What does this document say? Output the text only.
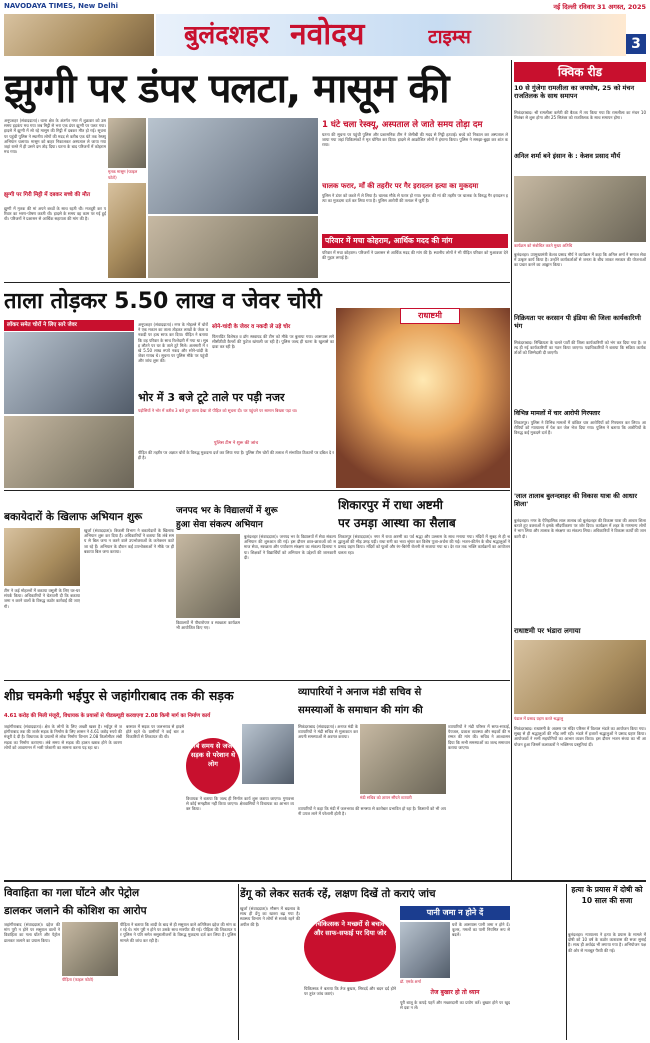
NAVODAYA TIMES, New Delhi	नई दिल्ली रविवार 31 अगस्त, 2025
बुलंदशहर नवोदय	टाइम्स	3
झुग्गी पर डंपर पलटा, मासूम की
अनूपशहर (संवाददाता)। थाना क्षेत्र के अंतर्गत नगर में शुक्रवार को उस समय हड़कंप मच गया जब मिट्टी से भरा एक डंपर झुग्गी पर पलट गया। हादसे में झुग्गी में सो रहे मासूम की मिट्टी में दबकर मौत हो गई। सूचना पर पहुंची पुलिस ने स्थानीय लोगों की मदद से करीब एक घंटे तक रेस्क्यू अभियान चलाया। मासूम को बाहर निकालकर अस्पताल ले जाया गया जहां रास्ते में ही उसने दम तोड़ दिया। घटना के बाद परिजनों में कोहराम मच गया।
झुग्गी पर गिरी मिट्टी में दबकर बच्चे की मौत
मृतक मासूम (फाइल फोटो)
झुग्गी में मृतक की मां अपने बच्चों के साथ रहती थी। मजदूरी कर परिवार का भरण-पोषण करती थी। हादसे के समय वह काम पर गई हुई थी। परिजनों ने प्रशासन से आर्थिक सहायता की मांग की है।
1 घंटे चला रेस्क्यू, अस्पताल ले जाते समय तोड़ा दम
घटना की सूचना पर पहुंची पुलिस और प्रशासनिक टीम ने जेसीबी की मदद से मिट्टी हटवाई। बच्चे को निकाल कर अस्पताल ले जाया गया जहां चिकित्सकों ने मृत घोषित कर दिया। हादसे से आक्रोशित लोगों ने हंगामा किया। पुलिस ने समझा-बुझा कर शांत कराया।
चालक फरार, माँ की तहरीर पर गैर इरादतन हत्या का मुकदमा
पुलिस ने डंपर को कब्जे में ले लिया है। चालक मौके से फरार हो गया। मृतक की मां की तहरीर पर चालक के विरुद्ध गैर इरादतन हत्या का मुकदमा दर्ज कर लिया गया है। पुलिस आरोपी की तलाश में जुटी है।
परिवार में मचा कोहराम, आर्थिक मदद की मांग
परिवार में मचा कोहराम। परिजनों ने प्रशासन से आर्थिक मदद की मांग की है। स्थानीय लोगों ने भी पीड़ित परिवार को मुआवजा देने की गुहार लगाई है।
ताला तोड़कर 5.50 लाख व जेवर चोरी
लॉकर समेत चोरों ने लिए सारे जेवर	अनूपशहर (संवाददाता)। नगर के मोहल्ले में चोरों ने एक मकान का ताला तोड़कर लाखों के जेवर व नकदी पर हाथ साफ कर दिया। पीड़ित ने बताया कि वह परिवार के साथ रिश्तेदारी में गया था। सुबह लौटने पर घर के ताले टूटे मिले। अलमारी में रखे 5.50 लाख रुपये नकद और सोने-चांदी के जेवर गायब थे। सूचना पर पुलिस मौके पर पहुंची और जांच शुरू की।
सोने-चांदी के जेवर व नकदी ले उड़े चोर
फिंगरप्रिंट विशेषज्ञ व डॉग स्क्वायड की टीम को मौके पर बुलाया गया। आसपास लगे सीसीटीवी कैमरों की फुटेज खंगाली जा रही है। पुलिस जल्द ही घटना के खुलासे का दावा कर रही है।
भोर में 3 बजे टूटे ताले पर पड़ी नजर
पड़ोसियों ने भोर में करीब 3 बजे टूटा ताला देखा तो पीड़ित को सूचना दी। घर पहुंचने पर सामान बिखरा पड़ा था।
पुलिस टीम ने शुरू की जांच
पीड़ित की तहरीर पर अज्ञात चोरों के विरुद्ध मुकदमा दर्ज कर लिया गया है। पुलिस टीम चोरों की तलाश में संभावित ठिकानों पर दबिश दे रही है।
राधाष्टमी
बकायेदारों के खिलाफ अभियान शुरू
खुर्जा (संवाददाता)। बिजली विभाग ने बकायेदारों के खिलाफ अभियान शुरू कर दिया है। अधिकारियों ने बताया कि लंबे समय से बिल जमा न करने वाले उपभोक्ताओं के कनेक्शन काटे जा रहे हैं। अभियान के दौरान कई उपभोक्ताओं ने मौके पर ही बकाया बिल जमा कराया।
टीम ने कई मोहल्लों में बकाया वसूली के लिए घर-घर संपर्क किया। अधिकारियों ने चेतावनी दी कि बकाया जमा न करने वालों के विरुद्ध कठोर कार्रवाई की जाएगी।
जनपद भर के विद्यालयों में शुरू
हुआ सेवा संकल्प अभियान
बुलंदशहर (संवाददाता)। जनपद भर के विद्यालयों में सेवा संकल्प अभियान की शुरुआत की गई। इस दौरान छात्र-छात्राओं को समाज सेवा, स्वच्छता और पर्यावरण संरक्षण का संकल्प दिलाया गया। शिक्षकों ने विद्यार्थियों को अभियान के उद्देश्यों की जानकारी दी।
विद्यालयों में पौधारोपण व स्वच्छता कार्यक्रम भी आयोजित किए गए।
शिकारपुर में राधा अष्टमी
पर उमड़ा आस्था का सैलाब
शिकारपुर (संवाददाता)। नगर में राधा अष्टमी का पर्व श्रद्धा और उल्लास के साथ मनाया गया। मंदिरों में सुबह से ही श्रद्धालुओं की भीड़ उमड़ पड़ी। राधा रानी का भव्य श्रृंगार कर विशेष पूजा-अर्चना की गई। भजन-कीर्तन के बीच श्रद्धालुओं ने प्रसाद ग्रहण किया। मंदिरों को फूलों और रंग-बिरंगी रोशनी से सजाया गया था। देर रात तक भक्ति कार्यक्रमों का आयोजन चलता रहा।
शीघ्र चमकेगी भईपुर से जहांगीराबाद तक की सड़क
4.61 करोड़ की मिली मंजूरी, विधायक के प्रयासों से पीडब्ल्यूडी करवाएगा 2.08 किमी मार्ग का निर्माण कार्य
जहांगीराबाद (संवाददाता)। क्षेत्र के लोगों के लिए अच्छी खबर है। भईपुर से जहांगीराबाद तक की जर्जर सड़क के निर्माण के लिए शासन ने 4.61 करोड़ रुपये की मंजूरी दे दी है। विधायक के प्रयासों से लोक निर्माण विभाग 2.08 किलोमीटर लंबी सड़क का निर्माण कराएगा। लंबे समय से सड़क की हालत खराब होने के कारण लोगों को आवागमन में भारी परेशानी का सामना करना पड़ रहा था।
बरसात में सड़क पर जलभराव से हादसे होते रहते थे। ग्रामीणों ने कई बार अधिकारियों से शिकायत की थी।
लंबे समय से जर्जर सड़क से परेशान थे लोग
विधायक ने बताया कि जल्द ही निर्माण कार्य शुरू कराया जाएगा। गुणवत्ता से कोई समझौता नहीं किया जाएगा। क्षेत्रवासियों ने विधायक का आभार व्यक्त किया।
व्यापारियों ने अनाज मंडी सचिव से
समस्याओं के समाधान की मांग की
सिकंदराबाद (संवाददाता)। अनाज मंडी के व्यापारियों ने मंडी सचिव से मुलाकात कर अपनी समस्याओं से अवगत कराया।
मंडी सचिव को ज्ञापन सौंपते व्यापारी
व्यापारियों ने मंडी परिसर में साफ-सफाई, पेयजल, प्रकाश व्यवस्था और सड़कों की मरम्मत की मांग की। सचिव ने आश्वासन दिया कि सभी समस्याओं का जल्द समाधान कराया जाएगा।
व्यापारियों ने कहा कि मंडी में जलभराव की समस्या से कारोबार प्रभावित हो रहा है। किसानों को भी अपनी उपज लाने में परेशानी होती है।
क्विक रीड
10 से गुंजेगा रामलीला का जयघोष, 25 को मंचन राजतिलक के साथ समापन
सिकंदराबाद। श्री रामलीला कमेटी की बैठक में तय किया गया कि रामलीला का मंचन 10 सितंबर से शुरू होगा और 25 सितंबर को राजतिलक के साथ समापन होगा।
अनिल शर्मा बने इंसान के : केशव प्रसाद मौर्य
कार्यक्रम को संबोधित करते मुख्य अतिथि
बुलंदशहर। उपमुख्यमंत्री केशव प्रसाद मौर्य ने कार्यक्रम में कहा कि अनिल शर्मा ने समाज सेवा में उत्कृष्ट कार्य किया है। उन्होंने कार्यकर्ताओं से जनता के बीच जाकर सरकार की योजनाओं का प्रचार करने का आह्वान किया।
निक्रियता पर करसान पी इंडिया की जिला कार्यकारिणी भंग
सिकंदराबाद। निष्क्रियता के चलते पार्टी की जिला कार्यकारिणी को भंग कर दिया गया है। जल्द ही नई कार्यकारिणी का गठन किया जाएगा। पदाधिकारियों ने बताया कि सक्रिय कार्यकर्ताओं को जिम्मेदारी दी जाएगी।
विभिन्न मामलों में चार आरोपी गिरफ्तार
शिकारपुर। पुलिस ने विभिन्न मामलों में वांछित चार आरोपियों को गिरफ्तार कर लिया। आरोपियों को न्यायालय में पेश कर जेल भेज दिया गया। पुलिस ने बताया कि आरोपियों के विरुद्ध कई मुकदमे दर्ज हैं।
'लाल तालाब बुलन्दशहर की विकास यात्रा की आधार शिला'
बुलंदशहर। नगर के ऐतिहासिक लाल तालाब को बुलंदशहर की विकास यात्रा की आधार शिला बताते हुए वक्ताओं ने इसके सौंदर्यीकरण पर जोर दिया। कार्यक्रम में शहर के गणमान्य लोगों ने भाग लिया और तालाब के संरक्षण का संकल्प लिया। अधिकारियों ने विकास कार्यों की जानकारी दी।
राधाष्टमी पर भंडारा लगाया
पंडाल में प्रसाद ग्रहण करते श्रद्धालु
सिकंदराबाद। राधाष्टमी के अवसर पर मंदिर परिसर में विशाल भंडारे का आयोजन किया गया। सुबह से ही श्रद्धालुओं की भीड़ लगी रही। भंडारे में हजारों श्रद्धालुओं ने प्रसाद ग्रहण किया। आयोजकों ने सभी सहयोगियों का आभार व्यक्त किया। इस दौरान भजन संध्या का भी आयोजन हुआ जिसमें कलाकारों ने भक्तिमय प्रस्तुतियां दीं।
विवाहिता का गला घोंटने और पेट्रोल
डालकर जलाने की कोशिश का आरोप
जहांगीराबाद (संवाददाता)। दहेज की मांग पूरी न होने पर ससुराल वालों ने विवाहिता का गला घोंटने और पेट्रोल डालकर जलाने का प्रयास किया।
पीड़िता (फाइल फोटो)
पीड़िता ने बताया कि शादी के बाद से ही ससुराल वाले अतिरिक्त दहेज की मांग कर रहे थे। मांग पूरी न होने पर उसके साथ मारपीट की गई। पीड़िता की शिकायत पर पुलिस ने पति समेत ससुरालीजनों के विरुद्ध मुकदमा दर्ज कर लिया है। पुलिस मामले की जांच कर रही है।
डेंगू को लेकर सतर्क रहें, लक्षण दिखें तो कराएं जांच
खुर्जा (संवाददाता)। मौसम में बदलाव के साथ ही डेंगू का खतरा बढ़ गया है। स्वास्थ्य विभाग ने लोगों से सतर्क रहने की अपील की है।	चिकित्सक ने मच्छरों से बचाव और साफ-सफाई पर दिया जोर
चिकित्सक ने बताया कि तेज बुखार, सिरदर्द और बदन दर्द होने पर तुरंत जांच कराएं।
पानी जमा न होने दें
डॉ. एमके शर्मा
घरों के आसपास पानी जमा न होने दें। कूलर, गमलों का पानी नियमित रूप से बदलें।
तेज बुखार हो तो ध्यान
पूरी बाजू के कपड़े पहनें और मच्छरदानी का प्रयोग करें। बुखार होने पर खुद से दवा न लें।
हत्या के प्रयास में दोषी को 10 साल की सजा
बुलंदशहर। न्यायालय ने हत्या के प्रयास के मामले में दोषी को 10 वर्ष के कठोर कारावास की सजा सुनाई है। साथ ही अर्थदंड भी लगाया गया है। अभियोजन पक्ष की ओर से मजबूत पैरवी की गई।
